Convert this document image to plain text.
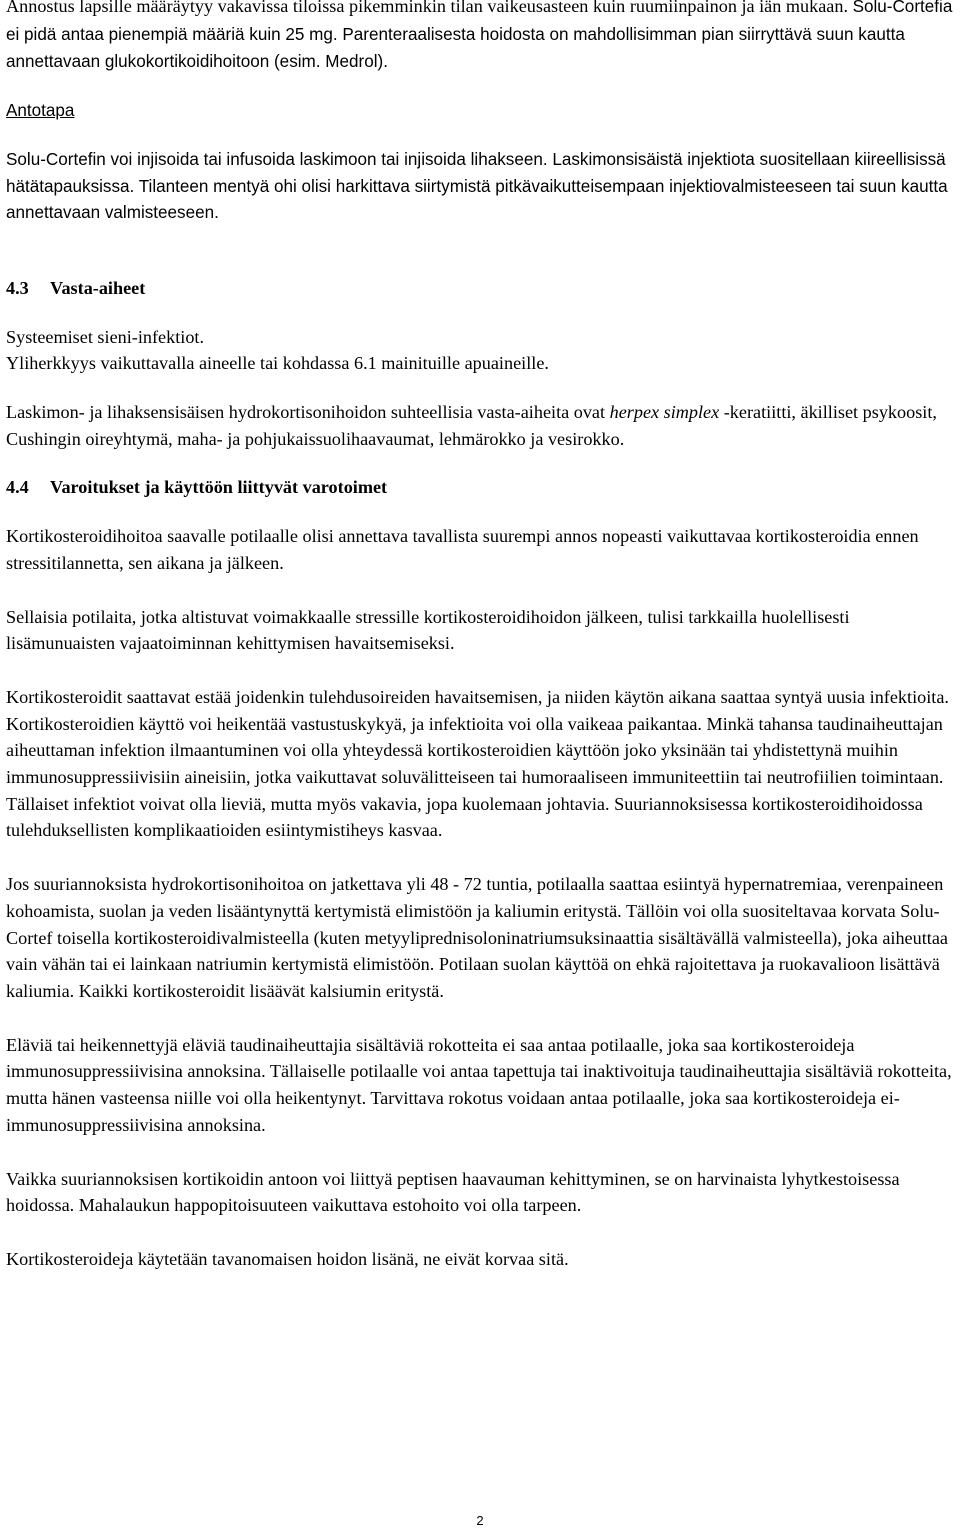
Annostus lapsille määräytyy vakavissa tiloissa pikemminkin tilan vaikeusasteen kuin ruumiinpainon ja iän mukaan. Solu-Cortefia ei pidä antaa pienempiä määriä kuin 25 mg. Parenteraalisesta hoidosta on mahdollisimman pian siirryttävä suun kautta annettavaan glukokortikoidihoitoon (esim. Medrol).

Antotapa

Solu-Cortefin voi injisoida tai infusoida laskimoon tai injisoida lihakseen. Laskimonsisäistä injektiota suositellaan kiireellisissä hätätapauksissa. Tilanteen mentyä ohi olisi harkittava siirtymistä pitkävaikutteisempaan injektiovalmisteeseen tai suun kautta annettavaan valmisteeseen.

4.3 Vasta-aiheet

Systeemiset sieni-infektiot.

Yliherkkyys vaikuttavalla aineelle tai kohdassa 6.1 mainituille apuaineille.

Laskimon- ja lihaksensisäisen hydrokortisonihoidon suhteellisia vasta-aiheita ovat herpex simplex -keratiitti, äkilliset psykoosit, Cushingin oireyhtymä, maha- ja pohjukaissuolihaavaumat, lehmärokko ja vesirokko.

4.4 Varoitukset ja käyttöön liittyvät varotoimet

Kortikosteroidihoitoa saavalle potilaalle olisi annettava tavallista suurempi annos nopeasti vaikuttavaa kortikosteroidia ennen stressitilannetta, sen aikana ja jälkeen.

Sellaisia potilaita, jotka altistuvat voimakkaalle stressille kortikosteroidihoidon jälkeen, tulisi tarkkailla huolellisesti lisämunuaisten vajaatoiminnan kehittymisen havaitsemiseksi.

Kortikosteroidit saattavat estää joidenkin tulehdusoireiden havaitsemisen, ja niiden käytön aikana saattaa syntyä uusia infektioita. Kortikosteroidien käyttö voi heikentää vastustuskykyä, ja infektioita voi olla vaikeaa paikantaa. Minkä tahansa taudinaiheuttajan aiheuttaman infektion ilmaantuminen voi olla yhteydessä kortikosteroidien käyttöön joko yksinään tai yhdistettynä muihin immunosuppressiivisiin aineisiin, jotka vaikuttavat soluvälitteiseen tai humoraaliseen immuniteettiin tai neutrofiilien toimintaan. Tällaiset infektiot voivat olla lieviä, mutta myös vakavia, jopa kuolemaan johtavia. Suuriannoksisessa kortikosteroidihoidossa tulehduksellisten komplikaatioiden esiintymistiheys kasvaa.

Jos suuriannoksista hydrokortisonihoitoa on jatkettava yli 48 - 72 tuntia, potilaalla saattaa esiintyä hypernatremiaa, verenpaineen kohoamista, suolan ja veden lisääntynyttä kertymistä elimistöön ja kaliumin eritystä. Tällöin voi olla suositeltavaa korvata Solu-Cortef toisella kortikosteroidivalmisteella (kuten metyyliprednisoloninatriumsuksinaattia sisältävällä valmisteella), joka aiheuttaa vain vähän tai ei lainkaan natriumin kertymistä elimistöön. Potilaan suolan käyttöä on ehkä rajoitettava ja ruokavalioon lisättävä kaliumia. Kaikki kortikosteroidit lisäävät kalsiumin eritystä.

Eläviä tai heikennettyjä eläviä taudinaiheuttajia sisältäviä rokotteita ei saa antaa potilaalle, joka saa kortikosteroideja immunosuppressiivisina annoksina. Tällaiselle potilaalle voi antaa tapettuja tai inaktivoituja taudinaiheuttajia sisältäviä rokotteita, mutta hänen vasteensa niille voi olla heikentynyt. Tarvittava rokotus voidaan antaa potilaalle, joka saa kortikosteroideja ei-immunosuppressiivisina annoksina.

Vaikka suuriannoksisen kortikoidin antoon voi liittyä peptisen haavauman kehittyminen, se on harvinaista lyhytkestoisessa hoidossa. Mahalaukun happopitoisuuteen vaikuttava estohoito voi olla tarpeen.

Kortikosteroideja käytetään tavanomaisen hoidon lisänä, ne eivät korvaa sitä.

2
